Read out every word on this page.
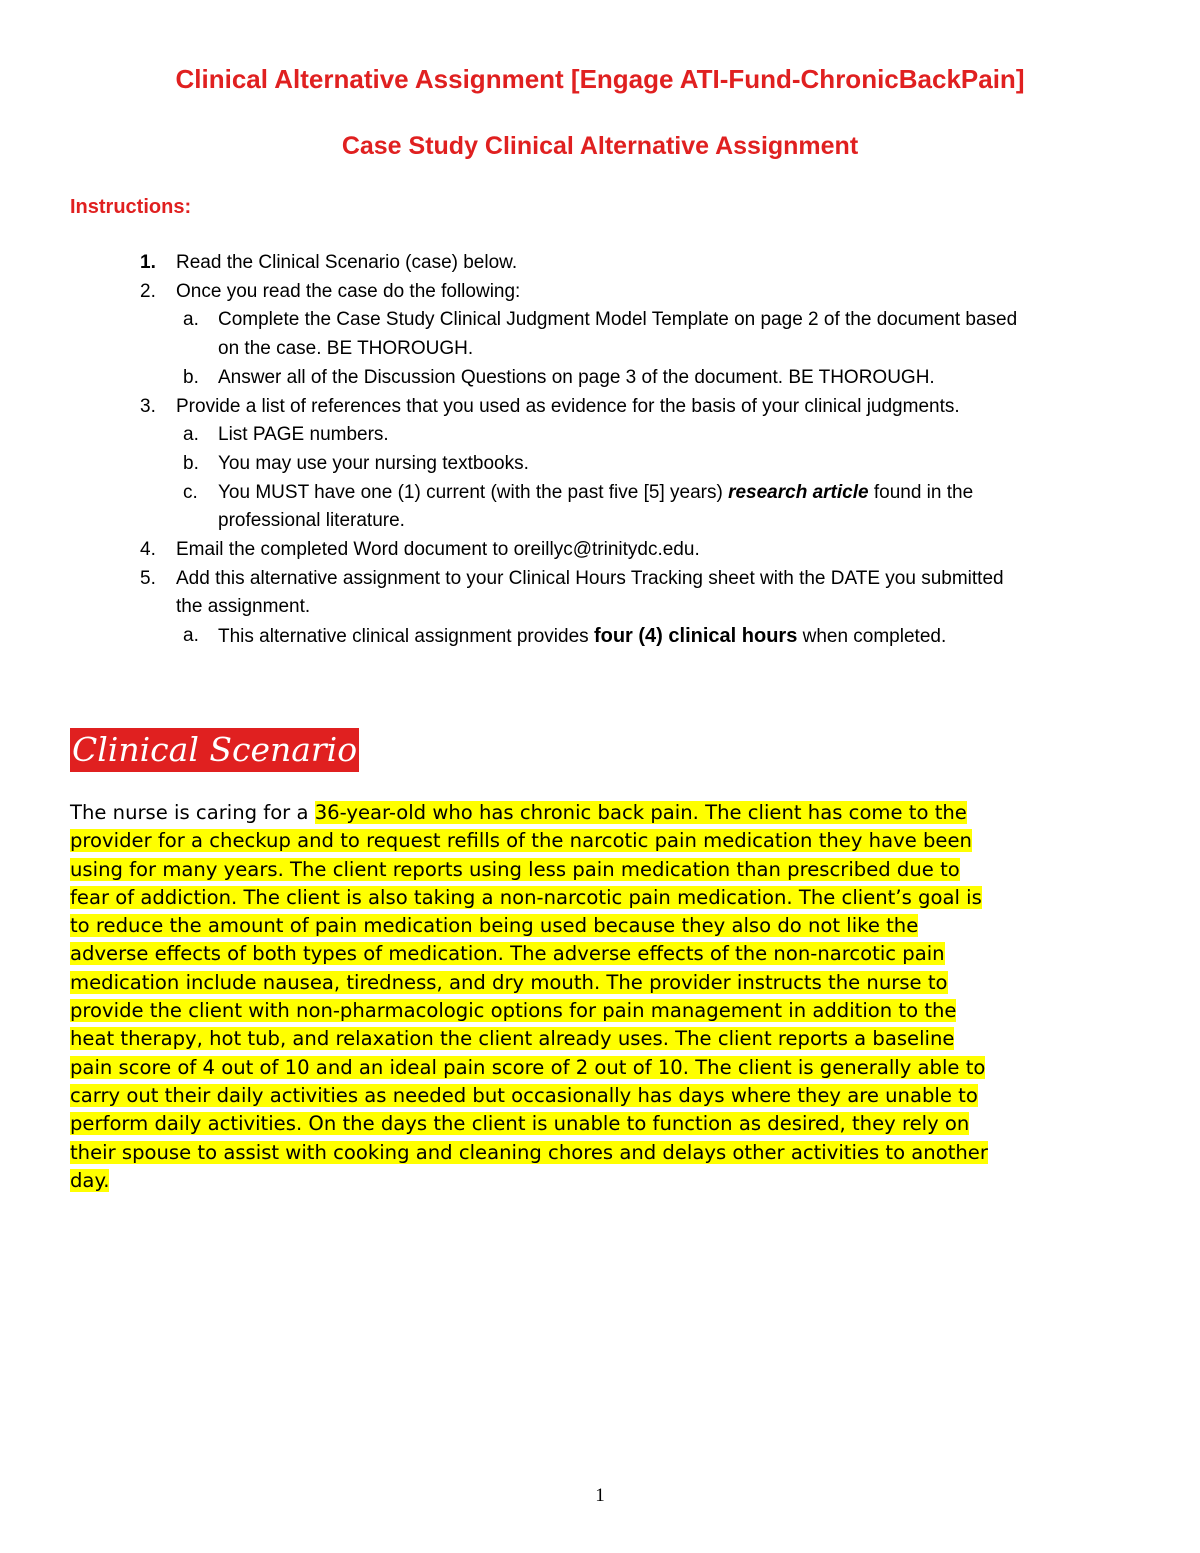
Clinical Alternative Assignment [Engage ATI-Fund-ChronicBackPain]
Case Study Clinical Alternative Assignment
Instructions:
1. Read the Clinical Scenario (case) below.
2. Once you read the case do the following:
a. Complete the Case Study Clinical Judgment Model Template on page 2 of the document based
on the case. BE THOROUGH.
b. Answer all of the Discussion Questions on page 3 of the document. BE THOROUGH.
3. Provide a list of references that you used as evidence for the basis of your clinical judgments.
a. List PAGE numbers.
b. You may use your nursing textbooks.
c. You MUST have one (1) current (with the past five [5] years) research article found in the
professional literature.
4. Email the completed Word document to oreillyc@trinitydc.edu.
5. Add this alternative assignment to your Clinical Hours Tracking sheet with the DATE you submitted
the assignment.
a. This alternative clinical assignment provides four (4) clinical hours when completed.
Clinical Scenario
The nurse is caring for a 36-year-old who has chronic back pain. The client has come to the
provider for a checkup and to request refills of the narcotic pain medication they have been
using for many years. The client reports using less pain medication than prescribed due to
fear of addiction. The client is also taking a non-narcotic pain medication. The client’s goal is
to reduce the amount of pain medication being used because they also do not like the
adverse effects of both types of medication. The adverse effects of the non-narcotic pain
medication include nausea, tiredness, and dry mouth. The provider instructs the nurse to
provide the client with non-pharmacologic options for pain management in addition to the
heat therapy, hot tub, and relaxation the client already uses. The client reports a baseline
pain score of 4 out of 10 and an ideal pain score of 2 out of 10. The client is generally able to
carry out their daily activities as needed but occasionally has days where they are unable to
perform daily activities. On the days the client is unable to function as desired, they rely on
their spouse to assist with cooking and cleaning chores and delays other activities to another
day.
1
